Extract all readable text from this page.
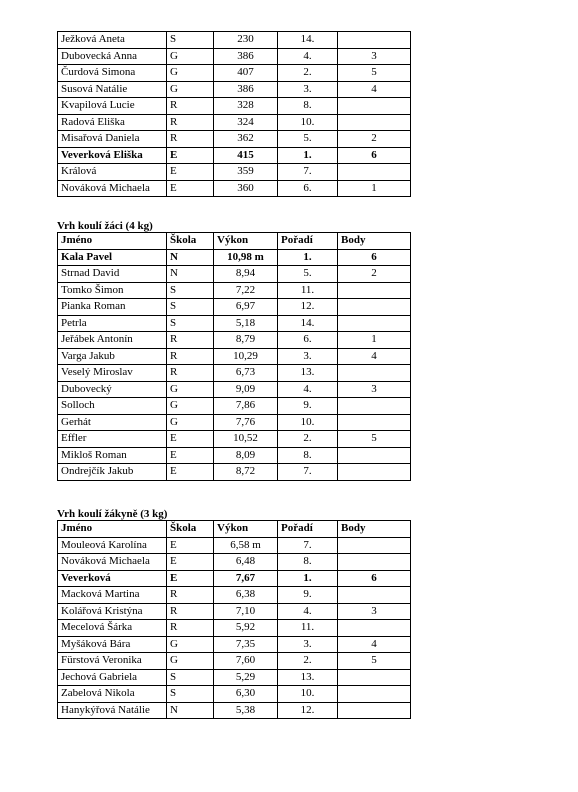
Ježková Aneta	S	230	14.	
Dubovecká Anna	G	386	4.	3
Čurdová Simona	G	407	2.	5
Susová Natálie	G	386	3.	4
Kvapilová Lucie	R	328	8.	
Radová Eliška	R	324	10.	
Misařová Daniela	R	362	5.	2
Veverková Eliška	E	415	1.	6
Králová	E	359	7.	
Nováková Michaela	E	360	6.	1
Vrh koulí žáci (4 kg)
Jméno	Škola	Výkon	Pořadí	Body
Kala Pavel	N	10,98 m	1.	6
Strnad David	N	8,94	5.	2
Tomko Šimon	S	7,22	11.	
Pianka Roman	S	6,97	12.	
Petrla	S	5,18	14.	
Jeřábek Antonín	R	8,79	6.	1
Varga Jakub	R	10,29	3.	4
Veselý Miroslav	R	6,73	13.	
Dubovecký	G	9,09	4.	3
Solloch	G	7,86	9.	
Gerhát	G	7,76	10.	
Effler	E	10,52	2.	5
Mikloš Roman	E	8,09	8.	
Ondrejčík Jakub	E	8,72	7.	
Vrh koulí žákyně (3 kg)
Jméno	Škola	Výkon	Pořadí	Body
Mouleová Karolína	E	6,58 m	7.	
Nováková Michaela	E	6,48	8.	
Veverková	E	7,67	1.	6
Macková Martina	R	6,38	9.	
Kolářová Kristýna	R	7,10	4.	3
Mecelová Šárka	R	5,92	11.	
Myšáková Bára	G	7,35	3.	4
Fürstová Veronika	G	7,60	2.	5
Jechová Gabriela	S	5,29	13.	
Zabelová Nikola	S	6,30	10.	
Hanykýřová Natálie	N	5,38	12.	
